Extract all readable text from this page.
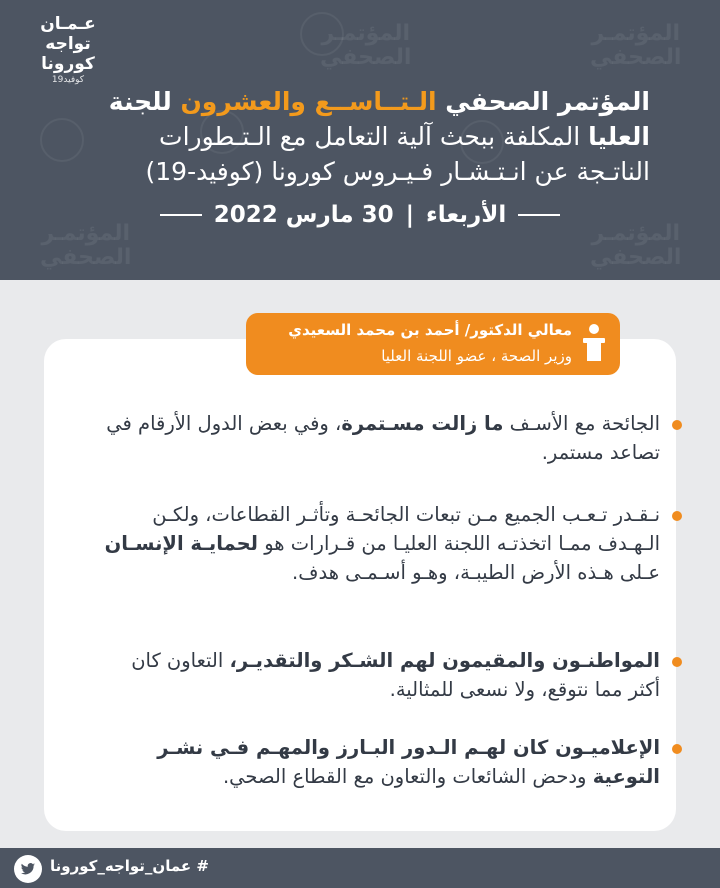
المؤتمـر
الصحفي
المؤتمـر
الصحفي
المؤتمـر
الصحفي
المؤتمـر
الصحفي
عـمـان
تواجه كورونا
كوفيد19
المؤتمر الصحفي الـتــاســع والعشرون للجنة
العليا المكلفة ببحث آلية التعامل مع الـتـطورات
الناتـجة عن انـتـشـار فـيـروس كورونا (كوفيد-19)
الأربعاء
|
30 مارس 2022
معالي الدكتور/ أحمد بن محمد السعيدي
وزير الصحة ، عضو اللجنة العليا
الجائحة مع الأسـف ما زالت مسـتمرة، وفي بعض الدول الأرقام في تصاعد مستمر.
نـقـدر تـعـب الجميع مـن تبعات الجائحـة وتأثـر القطاعات، ولكـن الـهـدف ممـا اتخذتـه اللجنة العليـا من قـرارات هو لحمايـة الإنسـان عـلى هـذه الأرض الطيبـة، وهـو أسـمـى هدف.
المواطنـون والمقيمون لهم الشـكر والتقديـر، التعاون كان أكثر مما نتوقع، ولا نسعى للمثالية.
الإعلاميـون كان لهـم الـدور البـارز والمهـم فـي نشـر التوعية ودحض الشائعات والتعاون مع القطاع الصحي.
# عمان_تواجه_كورونا
